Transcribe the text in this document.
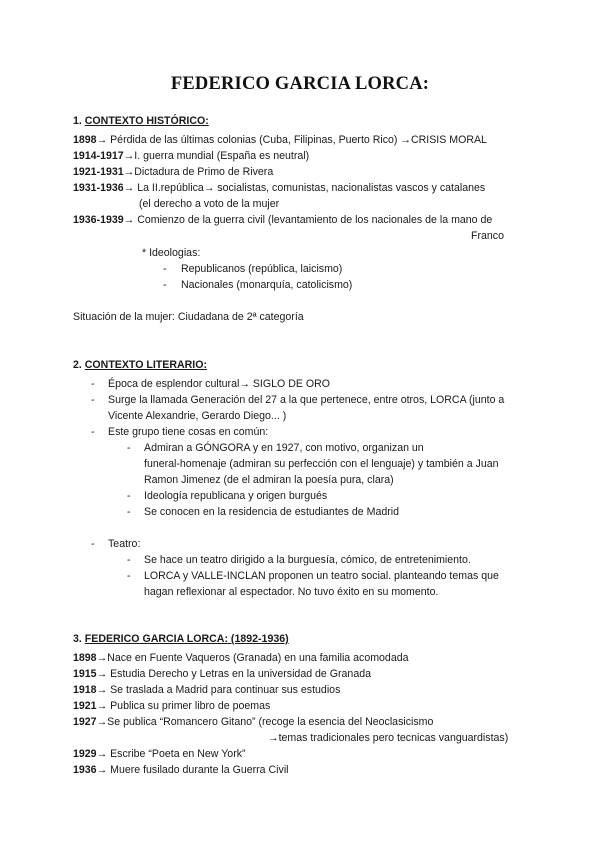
FEDERICO GARCIA LORCA:
1. CONTEXTO HISTÓRICO:
1898→ Pérdida de las últimas colonias (Cuba, Filipinas, Puerto Rico) →CRISIS MORAL
1914-1917→I. guerra mundial (España es neutral)
1921-1931→Dictadura de Primo de Rivera
1931-1936→ La II.república→ socialistas, comunistas, nacionalistas vascos y catalanes
(el derecho a voto de la mujer
1936-1939→ Comienzo de la guerra civil (levantamiento de los nacionales de la mano de
Franco
* Ideologias:
- Republicanos (república, laicismo)
- Nacionales (monarquía, catolicismo)
Situación de la mujer: Ciudadana de 2ª categoría
2. CONTEXTO LITERARIO:
- Época de esplendor cultural→ SIGLO DE ORO
- Surge la llamada Generación del 27 a la que pertenece, entre otros, LORCA (junto a
Vicente Alexandrie, Gerardo Diego... )
- Este grupo tiene cosas en común:
- Admiran a GÓNGORA y en 1927, con motivo, organizan un
funeral-homenaje (admiran su perfección con el lenguaje) y también a Juan
Ramon Jimenez (de el admiran la poesía pura, clara)
- Ideología republicana y origen burgués
- Se conocen en la residencia de estudiantes de Madrid
- Teatro:
- Se hace un teatro dirigido a la burguesía, cómico, de entretenimiento.
- LORCA y VALLE-INCLAN proponen un teatro social. planteando temas que
hagan reflexionar al espectador. No tuvo éxito en su momento.
3. FEDERICO GARCIA LORCA: (1892-1936)
1898→Nace en Fuente Vaqueros (Granada) en una familia acomodada
1915→ Estudia Derecho y Letras en la universidad de Granada
1918→ Se traslada a Madrid para continuar sus estudios
1921→ Publica su primer libro de poemas
1927→Se publica “Romancero Gitano” (recoge la esencia del Neoclasicismo
→temas tradicionales pero tecnicas vanguardistas)
1929→ Escribe “Poeta en New York”
1936→ Muere fusilado durante la Guerra Civil
